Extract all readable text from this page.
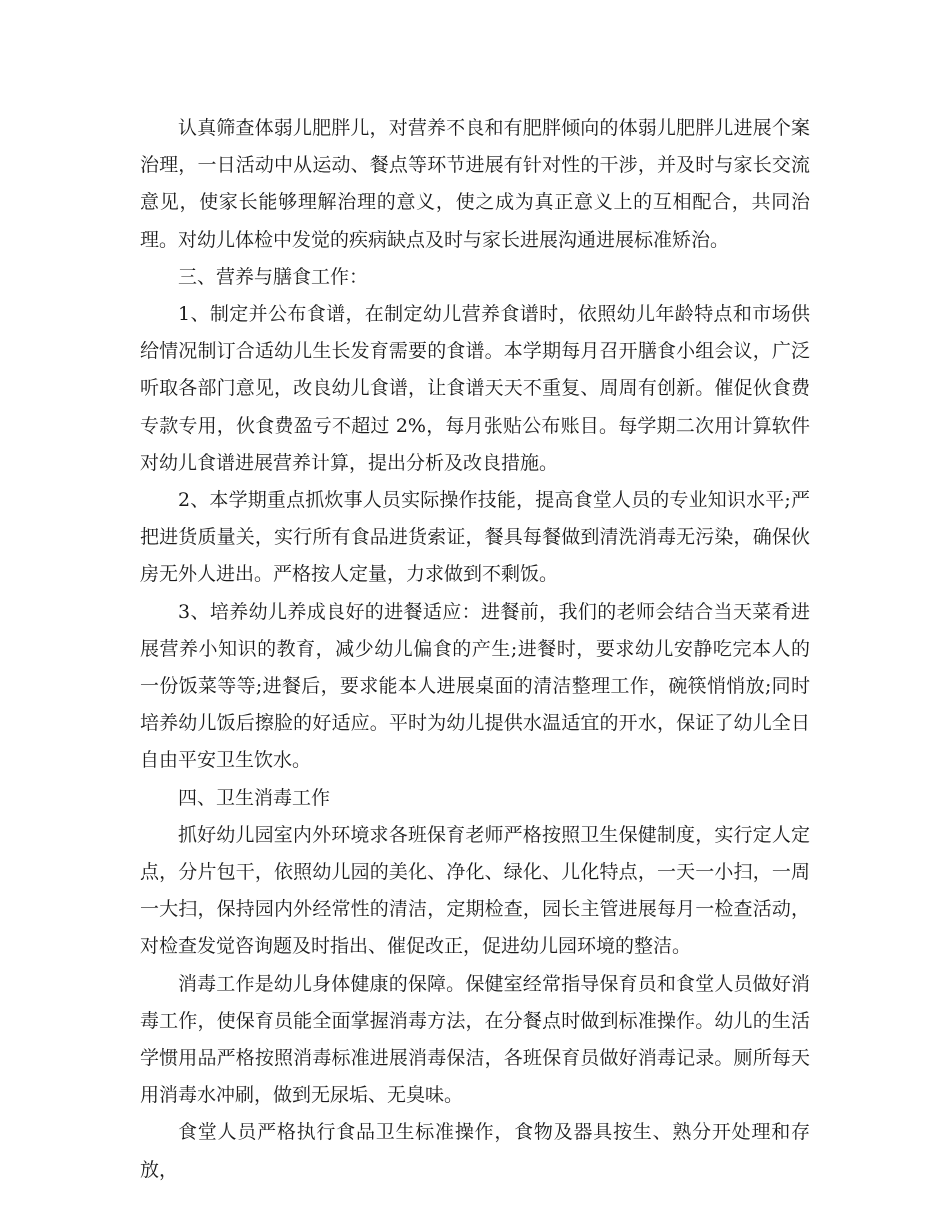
认真筛查体弱儿肥胖儿，对营养不良和有肥胖倾向的体弱儿肥胖儿进展个案治理，一日活动中从运动、餐点等环节进展有针对性的干涉，并及时与家长交流意见，使家长能够理解治理的意义，使之成为真正意义上的互相配合，共同治理。对幼儿体检中发觉的疾病缺点及时与家长进展沟通进展标准矫治。

三、营养与膳食工作：

1、制定并公布食谱，在制定幼儿营养食谱时，依照幼儿年龄特点和市场供给情况制订合适幼儿生长发育需要的食谱。本学期每月召开膳食小组会议，广泛听取各部门意见，改良幼儿食谱，让食谱天天不重复、周周有创新。催促伙食费专款专用，伙食费盈亏不超过 2%，每月张贴公布账目。每学期二次用计算软件对幼儿食谱进展营养计算，提出分析及改良措施。

2、本学期重点抓炊事人员实际操作技能，提高食堂人员的专业知识水平;严把进货质量关，实行所有食品进货索证，餐具每餐做到清洗消毒无污染，确保伙房无外人进出。严格按人定量，力求做到不剩饭。

3、培养幼儿养成良好的进餐适应：进餐前，我们的老师会结合当天菜肴进展营养小知识的教育，减少幼儿偏食的产生;进餐时，要求幼儿安静吃完本人的一份饭菜等等;进餐后，要求能本人进展桌面的清洁整理工作，碗筷悄悄放;同时培养幼儿饭后擦脸的好适应。平时为幼儿提供水温适宜的开水，保证了幼儿全日自由平安卫生饮水。

四、卫生消毒工作

抓好幼儿园室内外环境求各班保育老师严格按照卫生保健制度，实行定人定点，分片包干，依照幼儿园的美化、净化、绿化、儿化特点，一天一小扫，一周一大扫，保持园内外经常性的清洁，定期检查，园长主管进展每月一检查活动，对检查发觉咨询题及时指出、催促改正，促进幼儿园环境的整洁。

消毒工作是幼儿身体健康的保障。保健室经常指导保育员和食堂人员做好消毒工作，使保育员能全面掌握消毒方法，在分餐点时做到标准操作。幼儿的生活学惯用品严格按照消毒标准进展消毒保洁，各班保育员做好消毒记录。厕所每天用消毒水冲刷，做到无尿垢、无臭味。

食堂人员严格执行食品卫生标准操作，食物及器具按生、熟分开处理和存放，
